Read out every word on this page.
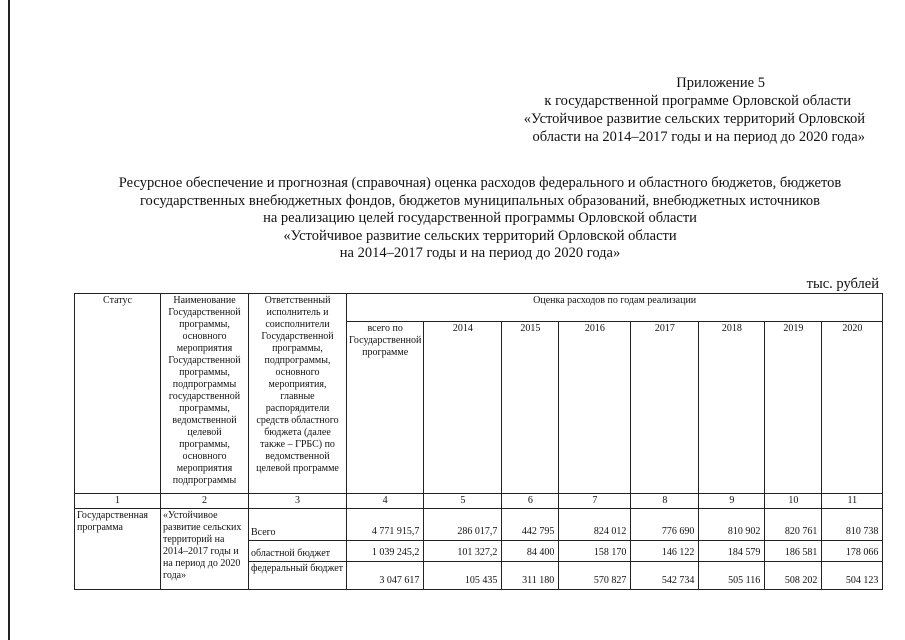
Приложение 5
к государственной программе Орловской области
«Устойчивое развитие сельских территорий Орловской
области на 2014–2017 годы и на период до 2020 года»
Ресурсное обеспечение и прогнозная (справочная) оценка расходов федерального и областного бюджетов, бюджетов
государственных внебюджетных фондов, бюджетов муниципальных образований, внебюджетных источников
на реализацию целей государственной программы Орловской области
«Устойчивое развитие сельских территорий Орловской области
на 2014–2017 годы и на период до 2020 года»
тыс. рублей
Статус	Наименование Государственной программы, основного мероприятия Государственной программы, подпрограммы государственной программы, ведомственной целевой программы, основного мероприятия подпрограммы	Ответственный исполнитель и соисполнители Государственной программы, подпрограммы, основного мероприятия, главные распорядители средств областного бюджета (далее также – ГРБС) по ведомственной целевой программе	Оценка расходов по годам реализации							
			всего по Государственной программе	2014	2015	2016	2017	2018	2019	2020
1	2	3	4	5	6	7	8	9	10	11
Государственная программа	«Устойчивое развитие сельских территорий на 2014–2017 годы и на период до 2020 года»	Всего	4 771 915,7	286 017,7	442 795	824 012	776 690	810 902	820 761	810 738
		областной бюджет	1 039 245,2	101 327,2	84 400	158 170	146 122	184 579	186 581	178 066
		федеральный бюджет	3 047 617	105 435	311 180	570 827	542 734	505 116	508 202	504 123
